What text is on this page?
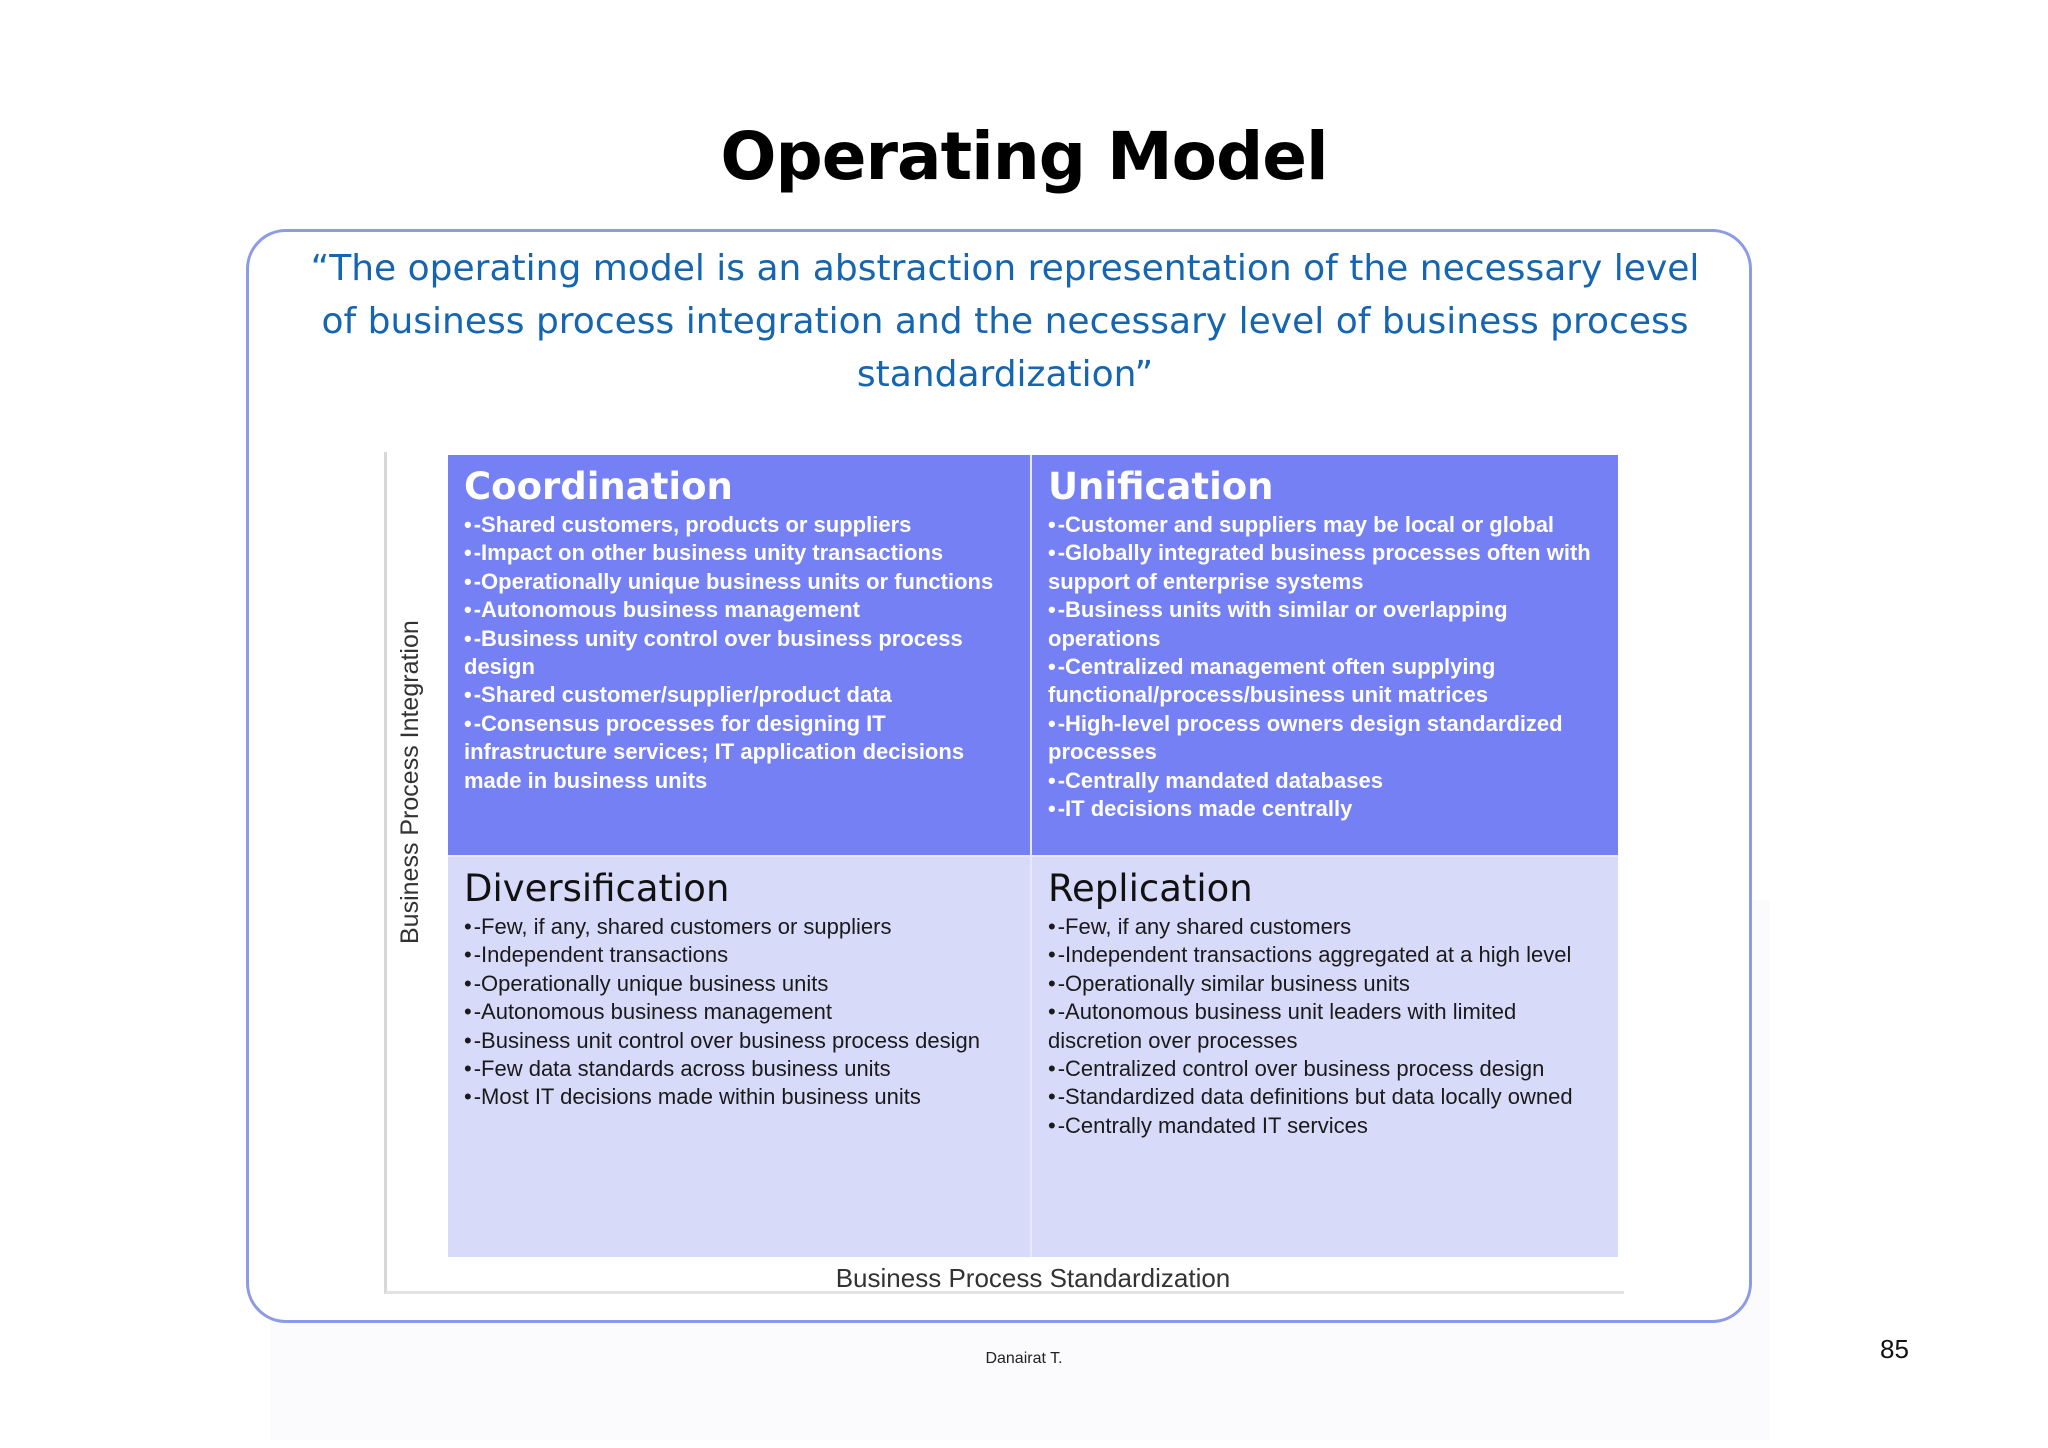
Operating Model
“The operating model is an abstraction representation of the necessary level of business process integration and the necessary level of business process standardization”
Business Process Integration
Coordination
• -Shared customers, products or suppliers
• -Impact on other business unity transactions
• -Operationally unique business units or functions
• -Autonomous business management
• -Business unity control over business process design
• -Shared customer/supplier/product data
• -Consensus processes for designing IT infrastructure services; IT application decisions made in business units
Unification
• -Customer and suppliers may be local or global
• -Globally integrated business processes often with support of enterprise systems
• -Business units with similar or overlapping operations
• -Centralized management often supplying functional/process/business unit matrices
• -High-level process owners design standardized processes
• -Centrally mandated databases
• -IT decisions made centrally
Diversification
• -Few, if any, shared customers or suppliers
• -Independent transactions
• -Operationally unique business units
• -Autonomous business management
• -Business unit control over business process design
• -Few data standards across business units
• -Most IT decisions made within business units
Replication
• -Few, if any shared customers
• -Independent transactions aggregated at a high level
• -Operationally similar business units
• -Autonomous business unit leaders with limited discretion over processes
• -Centralized control over business process design
• -Standardized data definitions but data locally owned
• -Centrally mandated IT services
Business Process Standardization
Danairat T.	85
